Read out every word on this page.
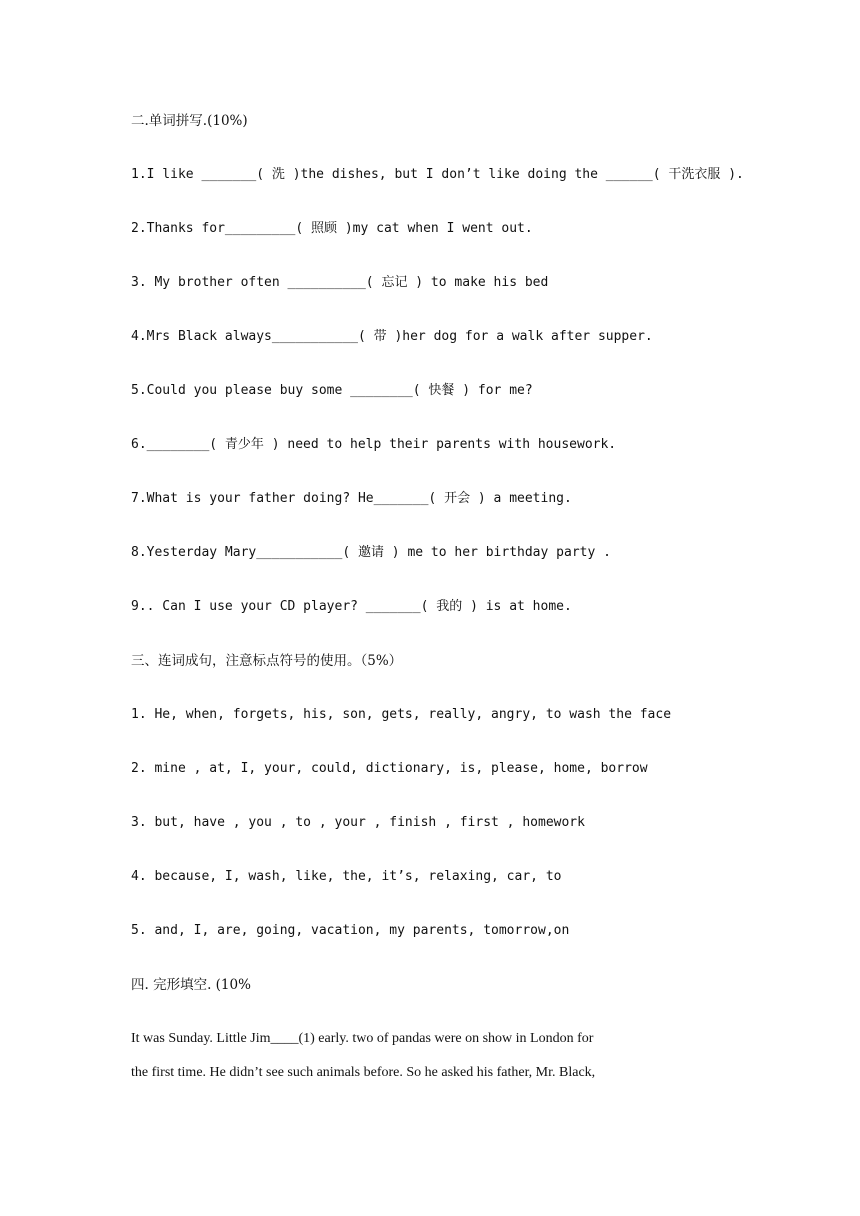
二.单词拼写.(10%)
1.I like _______( 洗 )the dishes, but I don’t like doing the ______( 干洗衣服 ).
2.Thanks for_________( 照顾 )my cat when I went out.
3. My brother often __________( 忘记 ) to make his bed
4.Mrs Black always___________( 带 )her dog for a walk after supper.
5.Could you please buy some ________( 快餐 ) for me?
6.________( 青少年 ) need to help their parents with housework.
7.What is your father doing? He_______( 开会 ) a meeting.
8.Yesterday Mary___________( 邀请 ) me to her birthday party .
9.. Can I use your CD player? _______( 我的 ) is at home.
三、连词成句，注意标点符号的使用。（5%）
1. He, when, forgets, his, son, gets, really, angry, to wash the face
2. mine , at, I, your, could, dictionary, is, please, home, borrow
3. but, have , you , to , your , finish , first , homework
4. because, I, wash, like, the, it’s, relaxing, car, to
5. and, I, are, going, vacation, my parents, tomorrow,on
四. 完形填空. (10%
It was Sunday. Little Jim____(1) early. two of pandas were on show in London for
the first time. He didn’t see such animals before. So he asked his father, Mr. Black,
